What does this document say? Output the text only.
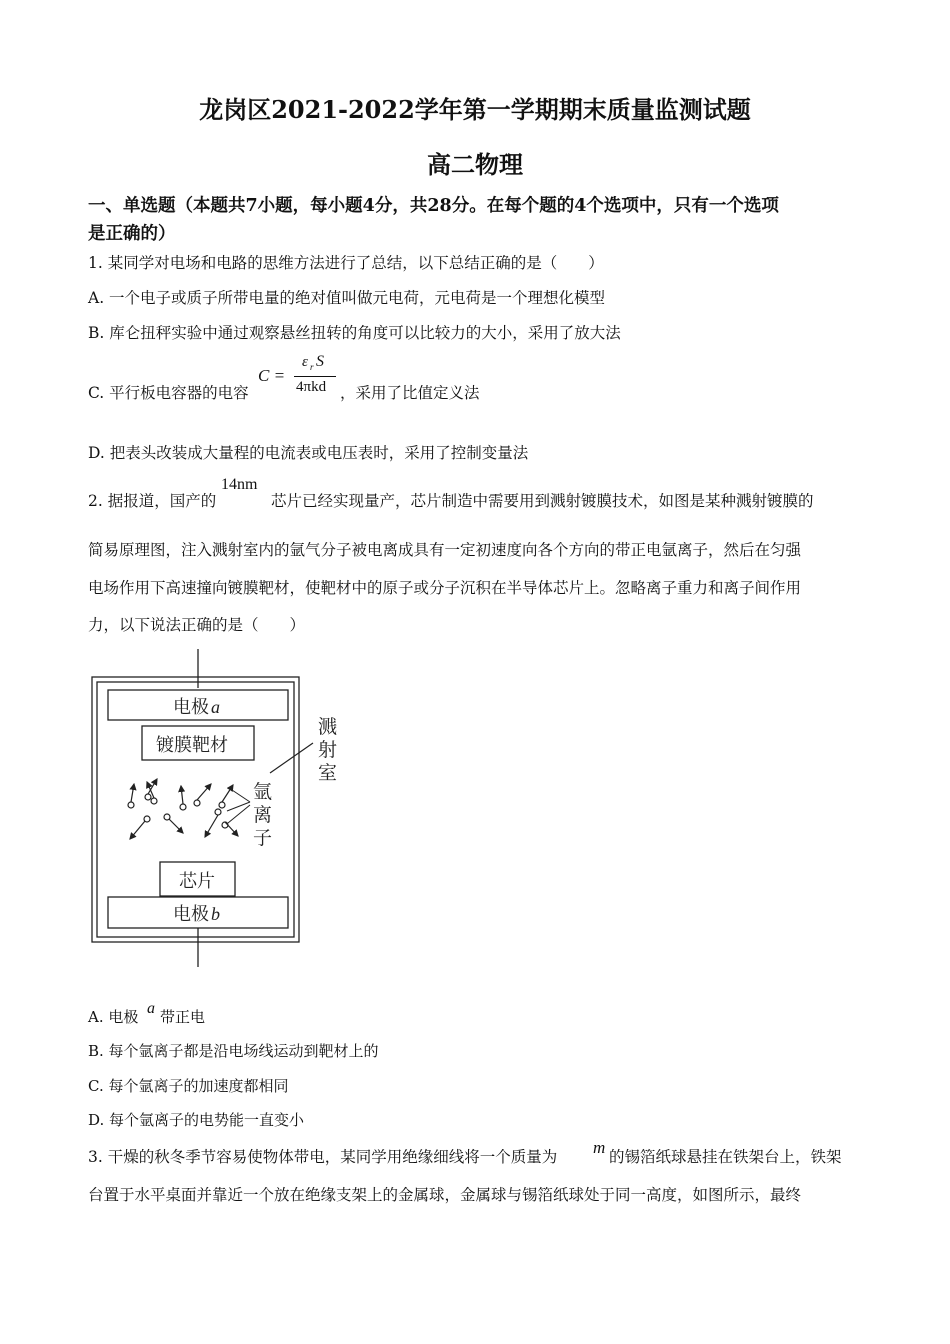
龙岗区2021-2022学年第一学期期末质量监测试题
高二物理
一、单选题（本题共7小题，每小题4分，共28分。在每个题的4个选项中，只有一个选项
是正确的）
1. 某同学对电场和电路的思维方法进行了总结，以下总结正确的是（　　）
A. 一个电子或质子所带电量的绝对值叫做元电荷，元电荷是一个理想化模型
B. 库仑扭秤实验中通过观察悬丝扭转的角度可以比较力的大小，采用了放大法
C. 平行板电容器的电容
C =
ε r S
4πkd ，采用了比值定义法
D. 把表头改装成大量程的电流表或电压表时，采用了控制变量法
2. 据报道，国产的
14nm
芯片已经实现量产，芯片制造中需要用到溅射镀膜技术，如图是某种溅射镀膜的
简易原理图，注入溅射室内的氩气分子被电离成具有一定初速度向各个方向的带正电氩离子，然后在匀强
电场作用下高速撞向镀膜靶材，使靶材中的原子或分子沉积在半导体芯片上。忽略离子重力和离子间作用
力，以下说法正确的是（　　）
电极 a
镀膜靶材
溅
射
室
氩
离
子
芯片
电极 b
A. 电极 a 带正电
B. 每个氩离子都是沿电场线运动到靶材上的
C. 每个氩离子的加速度都相同
D. 每个氩离子的电势能一直变小
3. 干燥的秋冬季节容易使物体带电，某同学用绝缘细线将一个质量为 m 的锡箔纸球悬挂在铁架台上，铁架
台置于水平桌面并靠近一个放在绝缘支架上的金属球，金属球与锡箔纸球处于同一高度，如图所示，最终
